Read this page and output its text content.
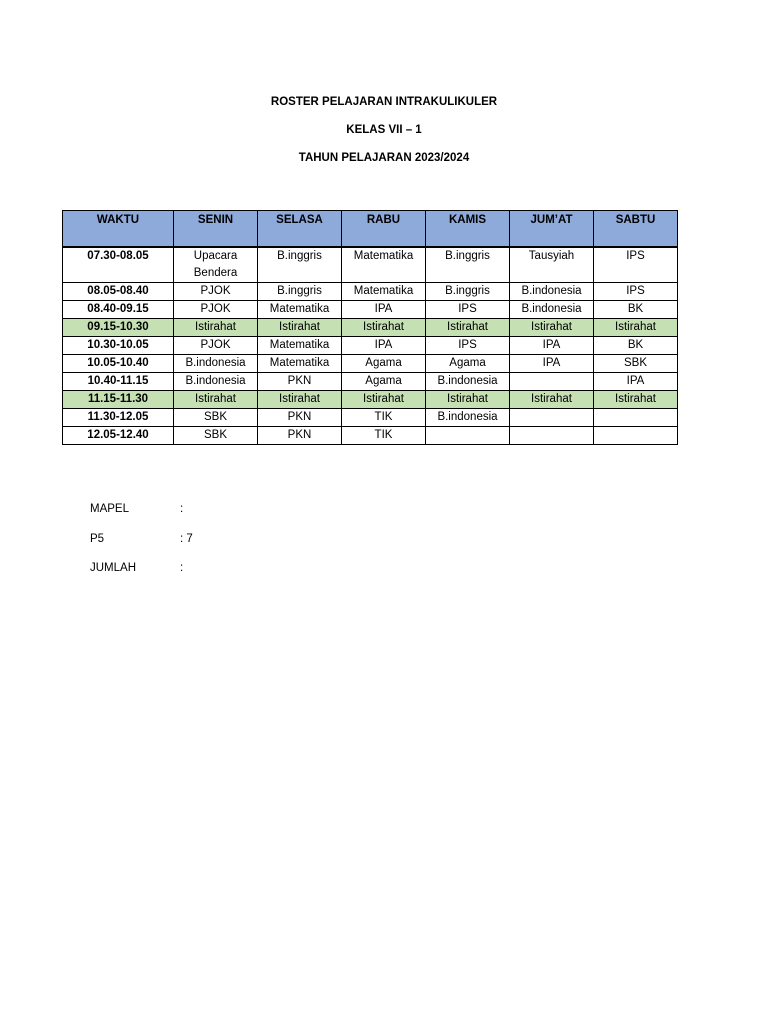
ROSTER PELAJARAN INTRAKULIKULER
KELAS VII – 1
TAHUN PELAJARAN 2023/2024
WAKTU	SENIN	SELASA	RABU	KAMIS	JUM’AT	SABTU

07.30-08.05	Upacara Bendera	B.inggris	Matematika	B.inggris	Tausyiah	IPS
08.05-08.40	PJOK	B.inggris	Matematika	B.inggris	B.indonesia	IPS
08.40-09.15	PJOK	Matematika	IPA	IPS	B.indonesia	BK
09.15-10.30	Istirahat	Istirahat	Istirahat	Istirahat	Istirahat	Istirahat
10.30-10.05	PJOK	Matematika	IPA	IPS	IPA	BK
10.05-10.40	B.indonesia	Matematika	Agama	Agama	IPA	SBK
10.40-11.15	B.indonesia	PKN	Agama	B.indonesia		IPA
11.15-11.30	Istirahat	Istirahat	Istirahat	Istirahat	Istirahat	Istirahat
11.30-12.05	SBK	PKN	TIK	B.indonesia		
12.05-12.40	SBK	PKN	TIK			
MAPEL	:
P5	: 7
JUMLAH	:
